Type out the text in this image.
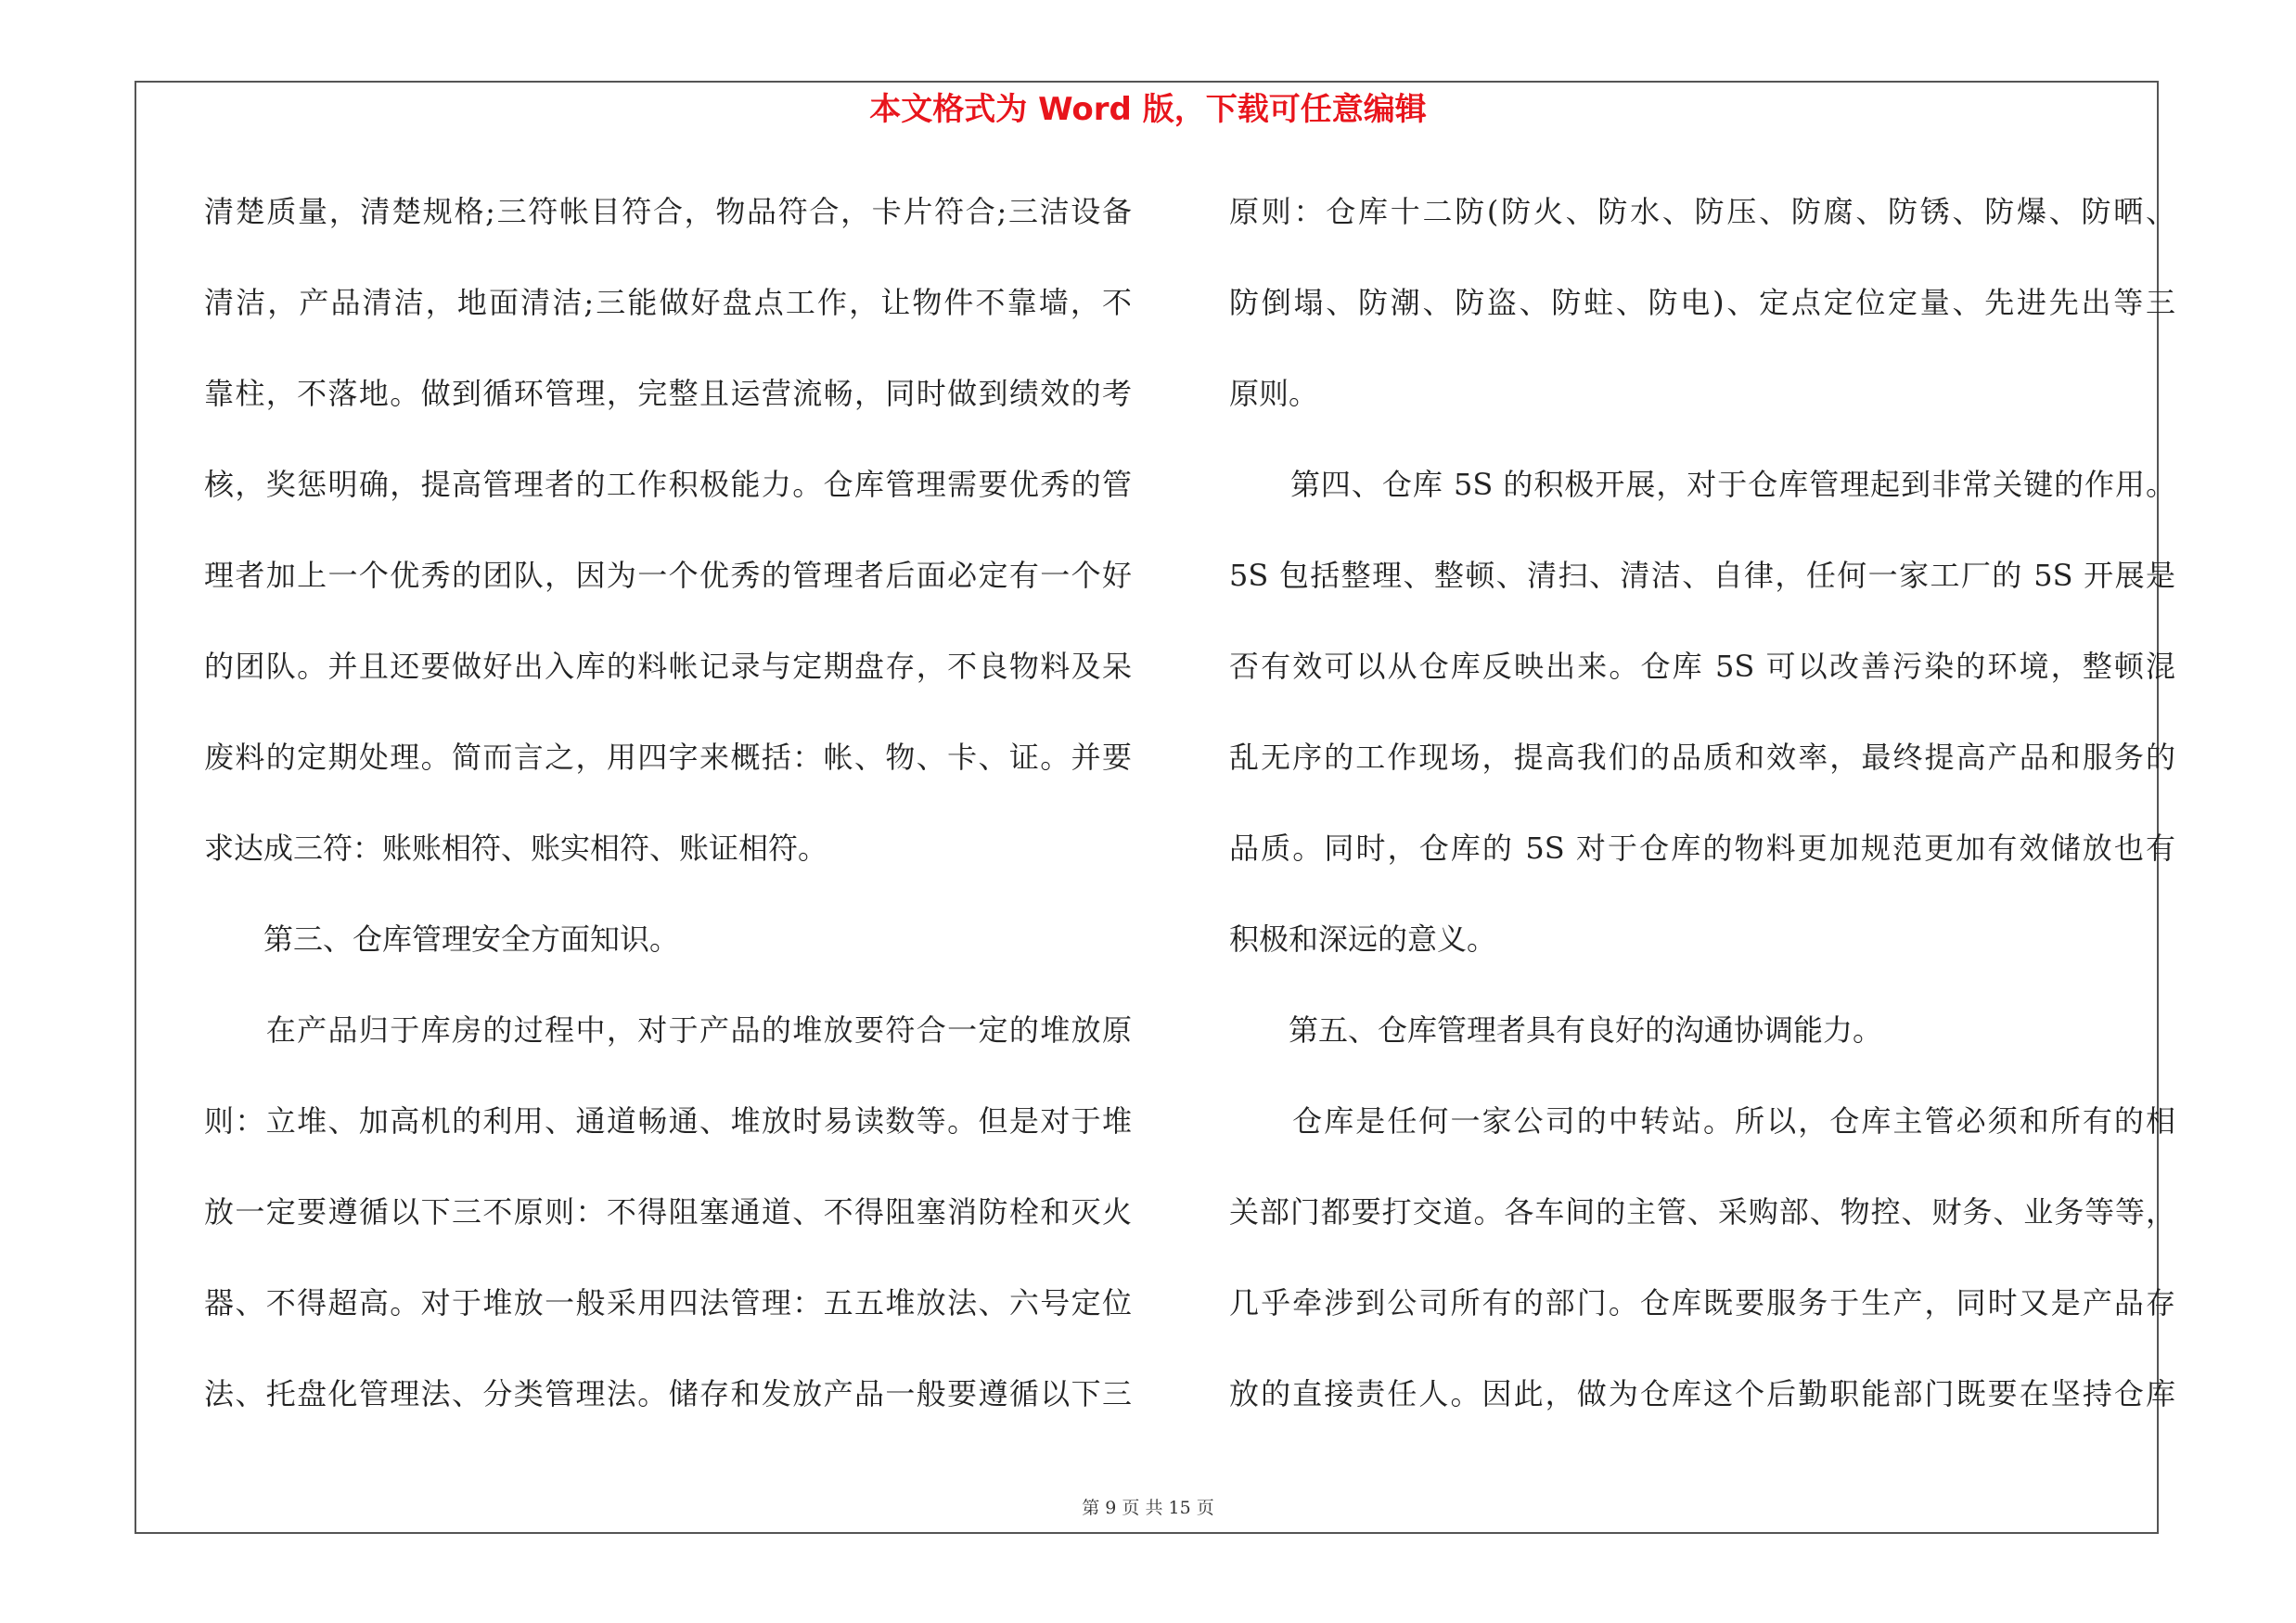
本文格式为 Word 版，下载可任意编辑
清楚质量，清楚规格;三符帐目符合，物品符合，卡片符合;三洁设备
清洁，产品清洁，地面清洁;三能做好盘点工作，让物件不靠墙，不
靠柱，不落地。做到循环管理，完整且运营流畅，同时做到绩效的考
核，奖惩明确，提高管理者的工作积极能力。仓库管理需要优秀的管
理者加上一个优秀的团队，因为一个优秀的管理者后面必定有一个好
的团队。并且还要做好出入库的料帐记录与定期盘存，不良物料及呆
废料的定期处理。简而言之，用四字来概括：帐、物、卡、证。并要
求达成三符：账账相符、账实相符、账证相符。
　　第三、仓库管理安全方面知识。
　　在产品归于库房的过程中，对于产品的堆放要符合一定的堆放原
则：立堆、加高机的利用、通道畅通、堆放时易读数等。但是对于堆
放一定要遵循以下三不原则：不得阻塞通道、不得阻塞消防栓和灭火
器、不得超高。对于堆放一般采用四法管理：五五堆放法、六号定位
法、托盘化管理法、分类管理法。储存和发放产品一般要遵循以下三
原则：仓库十二防(防火、防水、防压、防腐、防锈、防爆、防晒、
防倒塌、防潮、防盗、防蛀、防电)、定点定位定量、先进先出等三
原则。
　　第四、仓库 5S 的积极开展，对于仓库管理起到非常关键的作用。
5S 包括整理、整顿、清扫、清洁、自律，任何一家工厂的 5S 开展是
否有效可以从仓库反映出来。仓库 5S 可以改善污染的环境，整顿混
乱无序的工作现场，提高我们的品质和效率，最终提高产品和服务的
品质。同时，仓库的 5S 对于仓库的物料更加规范更加有效储放也有
积极和深远的意义。
　　第五、仓库管理者具有良好的沟通协调能力。
　　仓库是任何一家公司的中转站。所以，仓库主管必须和所有的相
关部门都要打交道。各车间的主管、采购部、物控、财务、业务等等，
几乎牵涉到公司所有的部门。仓库既要服务于生产，同时又是产品存
放的直接责任人。因此，做为仓库这个后勤职能部门既要在坚持仓库
第 9 页 共 15 页
